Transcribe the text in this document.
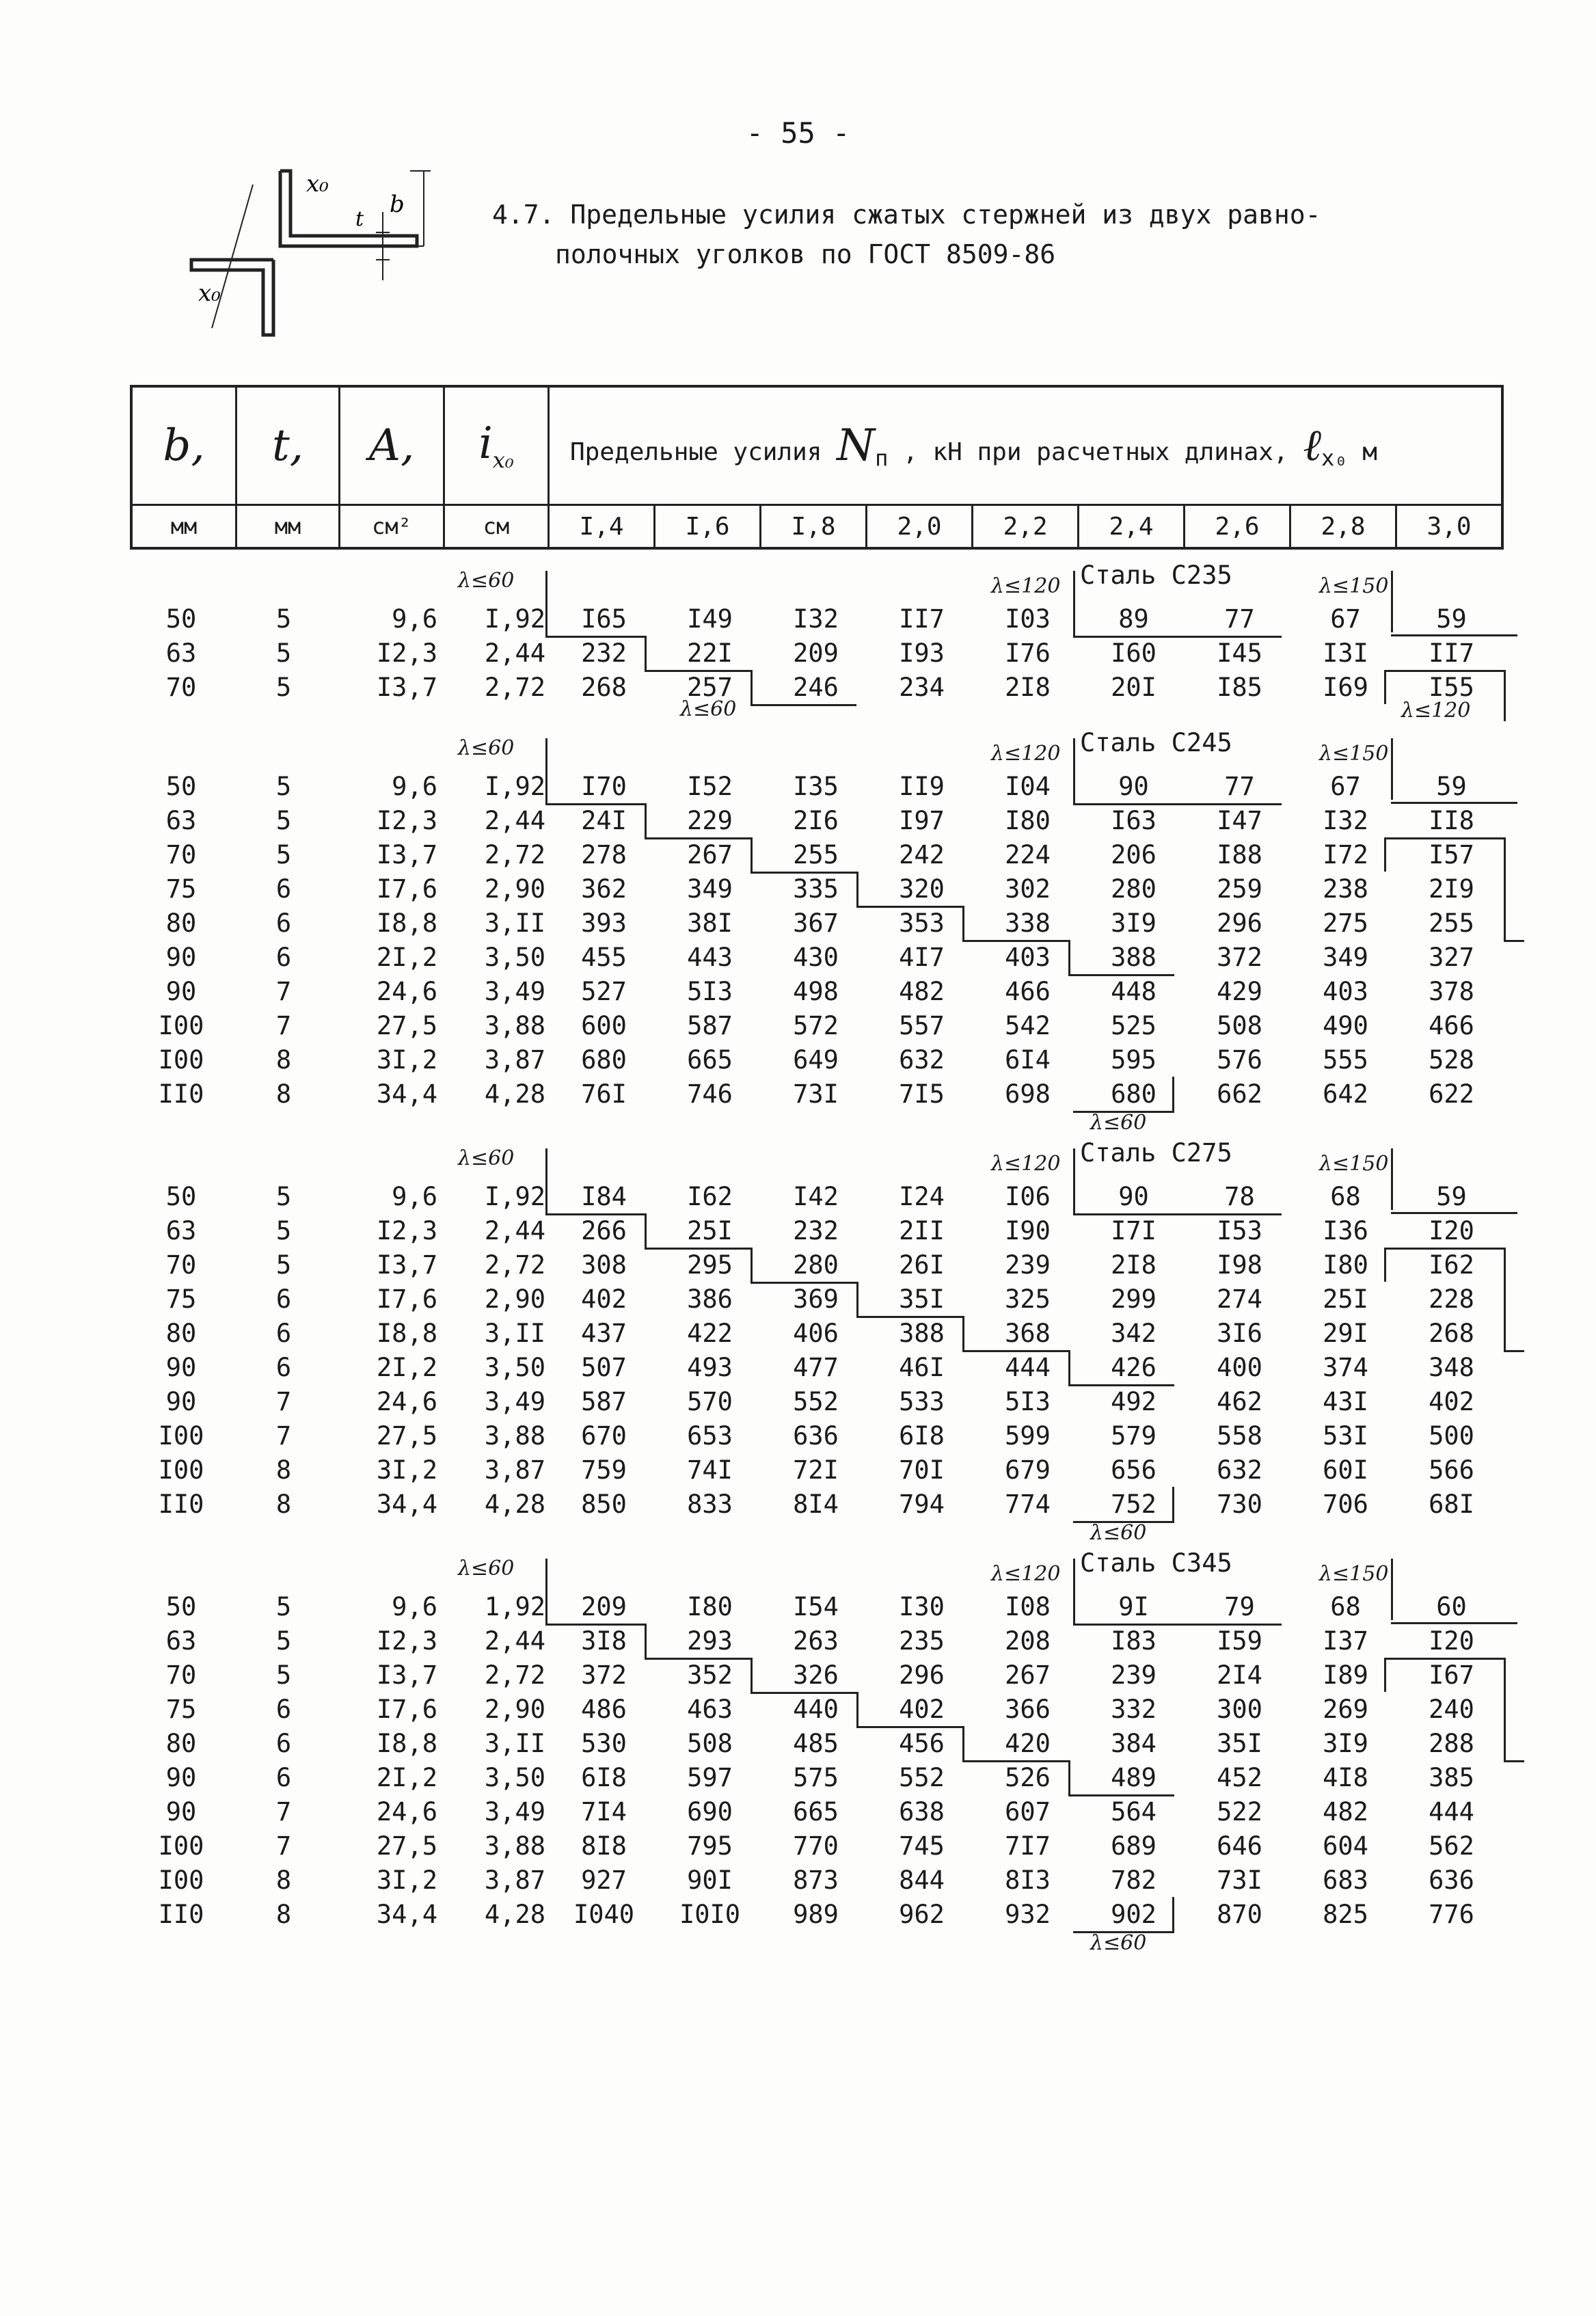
- 55 -
x₀
x₀
t
b	4.7. Предельные усилия сжатых стержней из двух равно-
полочных уголков по ГОСТ 8509-86
b,	t,	A,	$i_{x_0}$	Предельные усилия $N_п$ , кН при расчетных длинах, ℓ$_{x_0}$ м								
мм	мм	см²	см	I,4	I,6	I,8	2,0	2,2	2,4	2,6	2,8	3,0
Сталь С235
λ≤60	λ≤120	λ≤150
50	5	9,6	I,92	I65	I49	I32	II7	I03	89	77	67	59
63	5	I2,3	2,44	232	22I	209	I93	I76	I60	I45	I3I	II7
70	5	I3,7	2,72	268	257	246	234	2I8	20I	I85	I69	I55
λ≤60	λ≤120
Сталь С245
λ≤60	λ≤120	λ≤150
50	5	9,6	I,92	I70	I52	I35	II9	I04	90	77	67	59
63	5	I2,3	2,44	24I	229	2I6	I97	I80	I63	I47	I32	II8
70	5	I3,7	2,72	278	267	255	242	224	206	I88	I72	I57
75	6	I7,6	2,90	362	349	335	320	302	280	259	238	2I9
80	6	I8,8	3,II	393	38I	367	353	338	3I9	296	275	255
90	6	2I,2	3,50	455	443	430	4I7	403	388	372	349	327
90	7	24,6	3,49	527	5I3	498	482	466	448	429	403	378
I00	7	27,5	3,88	600	587	572	557	542	525	508	490	466
I00	8	3I,2	3,87	680	665	649	632	6I4	595	576	555	528
II0	8	34,4	4,28	76I	746	73I	7I5	698	680	662	642	622
λ≤60
Сталь С275
λ≤60	λ≤120	λ≤150
50	5	9,6	I,92	I84	I62	I42	I24	I06	90	78	68	59
63	5	I2,3	2,44	266	25I	232	2II	I90	I7I	I53	I36	I20
70	5	I3,7	2,72	308	295	280	26I	239	2I8	I98	I80	I62
75	6	I7,6	2,90	402	386	369	35I	325	299	274	25I	228
80	6	I8,8	3,II	437	422	406	388	368	342	3I6	29I	268
90	6	2I,2	3,50	507	493	477	46I	444	426	400	374	348
90	7	24,6	3,49	587	570	552	533	5I3	492	462	43I	402
I00	7	27,5	3,88	670	653	636	6I8	599	579	558	53I	500
I00	8	3I,2	3,87	759	74I	72I	70I	679	656	632	60I	566
II0	8	34,4	4,28	850	833	8I4	794	774	752	730	706	68I
λ≤60
Сталь С345
λ≤60	λ≤120	λ≤150
50	5	9,6	1,92	209	I80	I54	I30	I08	9I	79	68	60
63	5	I2,3	2,44	3I8	293	263	235	208	I83	I59	I37	I20
70	5	I3,7	2,72	372	352	326	296	267	239	2I4	I89	I67
75	6	I7,6	2,90	486	463	440	402	366	332	300	269	240
80	6	I8,8	3,II	530	508	485	456	420	384	35I	3I9	288
90	6	2I,2	3,50	6I8	597	575	552	526	489	452	4I8	385
90	7	24,6	3,49	7I4	690	665	638	607	564	522	482	444
I00	7	27,5	3,88	8I8	795	770	745	7I7	689	646	604	562
I00	8	3I,2	3,87	927	90I	873	844	8I3	782	73I	683	636
II0	8	34,4	4,28	I040	I0I0	989	962	932	902	870	825	776
λ≤60
